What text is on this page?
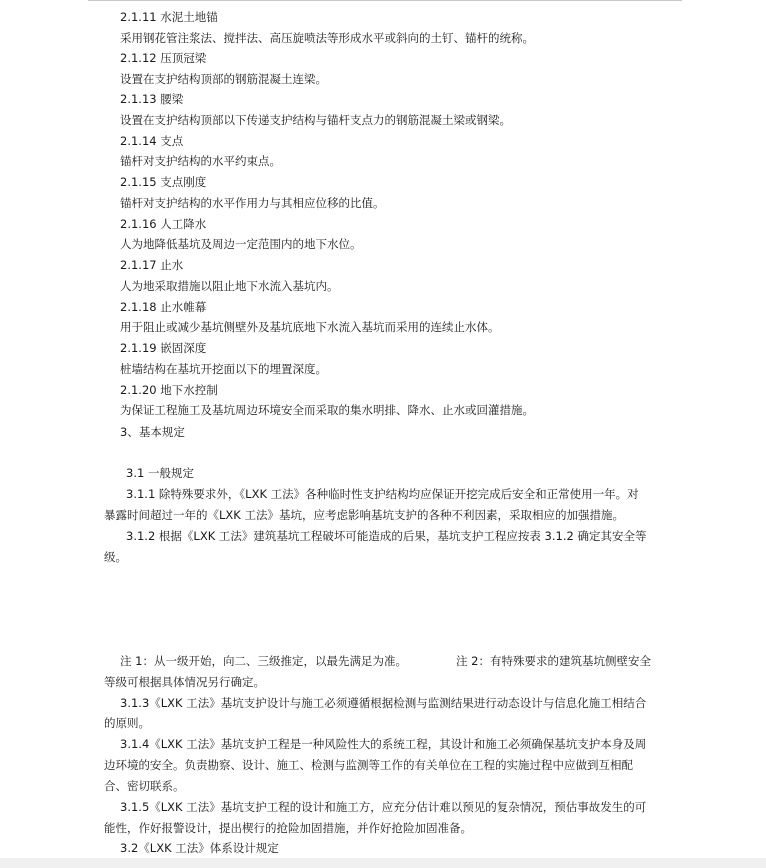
2.1.11 水泥土地锚
采用钢花管注浆法、搅拌法、高压旋喷法等形成水平或斜向的土钉、锚杆的统称。
2.1.12 压顶冠梁
设置在支护结构顶部的钢筋混凝土连梁。
2.1.13 腰梁
设置在支护结构顶部以下传递支护结构与锚杆支点力的钢筋混凝土梁或钢梁。
2.1.14 支点
锚杆对支护结构的水平约束点。
2.1.15 支点刚度
锚杆对支护结构的水平作用力与其相应位移的比值。
2.1.16 人工降水
人为地降低基坑及周边一定范围内的地下水位。
2.1.17 止水
人为地采取措施以阻止地下水流入基坑内。
2.1.18 止水帷幕
用于阻止或减少基坑侧壁外及基坑底地下水流入基坑而采用的连续止水体。
2.1.19 嵌固深度
桩墙结构在基坑开挖面以下的埋置深度。
2.1.20 地下水控制
为保证工程施工及基坑周边环境安全而采取的集水明排、降水、止水或回灌措施。
3、基本规定
3.1 一般规定
3.1.1 除特殊要求外，《LXK 工法》各种临时性支护结构均应保证开挖完成后安全和正常使用一年。对
暴露时间超过一年的《LXK 工法》基坑，应考虑影响基坑支护的各种不利因素，采取相应的加强措施。
3.1.2 根据《LXK 工法》建筑基坑工程破坏可能造成的后果，基坑支护工程应按表 3.1.2 确定其安全等
级。
注 1：从一级开始，向二、三级推定，以最先满足为准。	注 2：有特殊要求的建筑基坑侧壁安全
等级可根据具体情况另行确定。
3.1.3《LXK 工法》基坑支护设计与施工必须遵循根据检测与监测结果进行动态设计与信息化施工相结合
的原则。
3.1.4《LXK 工法》基坑支护工程是一种风险性大的系统工程，其设计和施工必须确保基坑支护本身及周
边环境的安全。负责勘察、设计、施工、检测与监测等工作的有关单位在工程的实施过程中应做到互相配
合、密切联系。
3.1.5《LXK 工法》基坑支护工程的设计和施工方，应充分估计难以预见的复杂情况，预估事故发生的可
能性，作好报警设计，提出楔行的抢险加固措施，并作好抢险加固准备。
3.2《LXK 工法》体系设计规定
